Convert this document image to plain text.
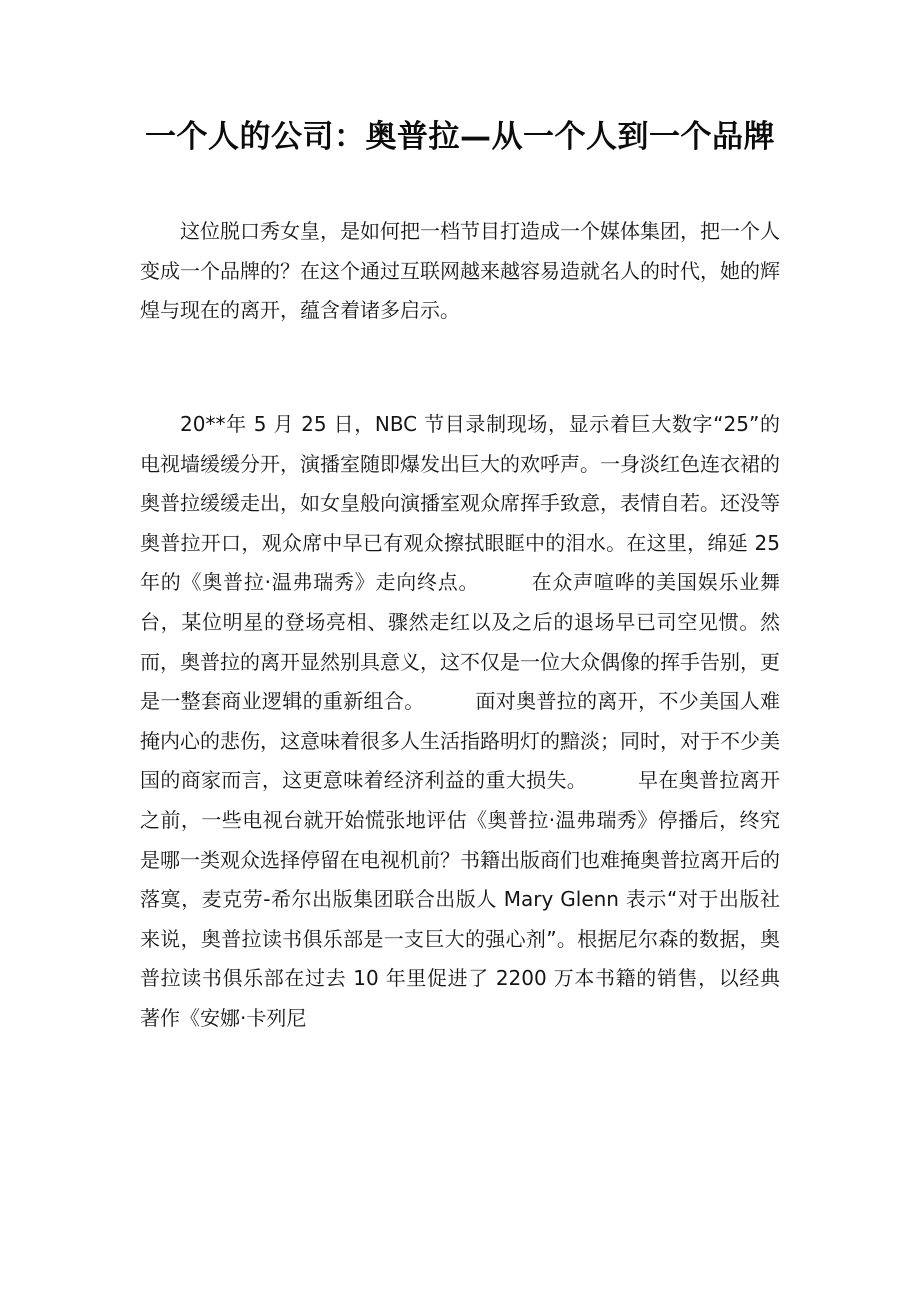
一个人的公司：奥普拉—从一个人到一个品牌

这位脱口秀女皇，是如何把一档节目打造成一个媒体集团，把一个人变成一个品牌的？在这个通过互联网越来越容易造就名人的时代，她的辉煌与现在的离开，蕴含着诸多启示。

20**年 5 月 25 日，NBC 节目录制现场，显示着巨大数字“25”的电视墙缓缓分开，演播室随即爆发出巨大的欢呼声。一身淡红色连衣裙的奥普拉缓缓走出，如女皇般向演播室观众席挥手致意，表情自若。还没等奥普拉开口，观众席中早已有观众擦拭眼眶中的泪水。在这里，绵延 25 年的《奥普拉·温弗瑞秀》走向终点。　　　在众声喧哗的美国娱乐业舞台，某位明星的登场亮相、骤然走红以及之后的退场早已司空见惯。然而，奥普拉的离开显然别具意义，这不仅是一位大众偶像的挥手告别，更是一整套商业逻辑的重新组合。　　　面对奥普拉的离开，不少美国人难掩内心的悲伤，这意味着很多人生活指路明灯的黯淡；同时，对于不少美国的商家而言，这更意味着经济利益的重大损失。　　　早在奥普拉离开之前，一些电视台就开始慌张地评估《奥普拉·温弗瑞秀》停播后，终究是哪一类观众选择停留在电视机前？书籍出版商们也难掩奥普拉离开后的落寞，麦克劳-希尔出版集团联合出版人 Mary Glenn 表示“对于出版社来说，奥普拉读书俱乐部是一支巨大的强心剂”。根据尼尔森的数据，奥普拉读书俱乐部在过去 10 年里促进了 2200 万本书籍的销售，以经典著作《安娜·卡列尼
